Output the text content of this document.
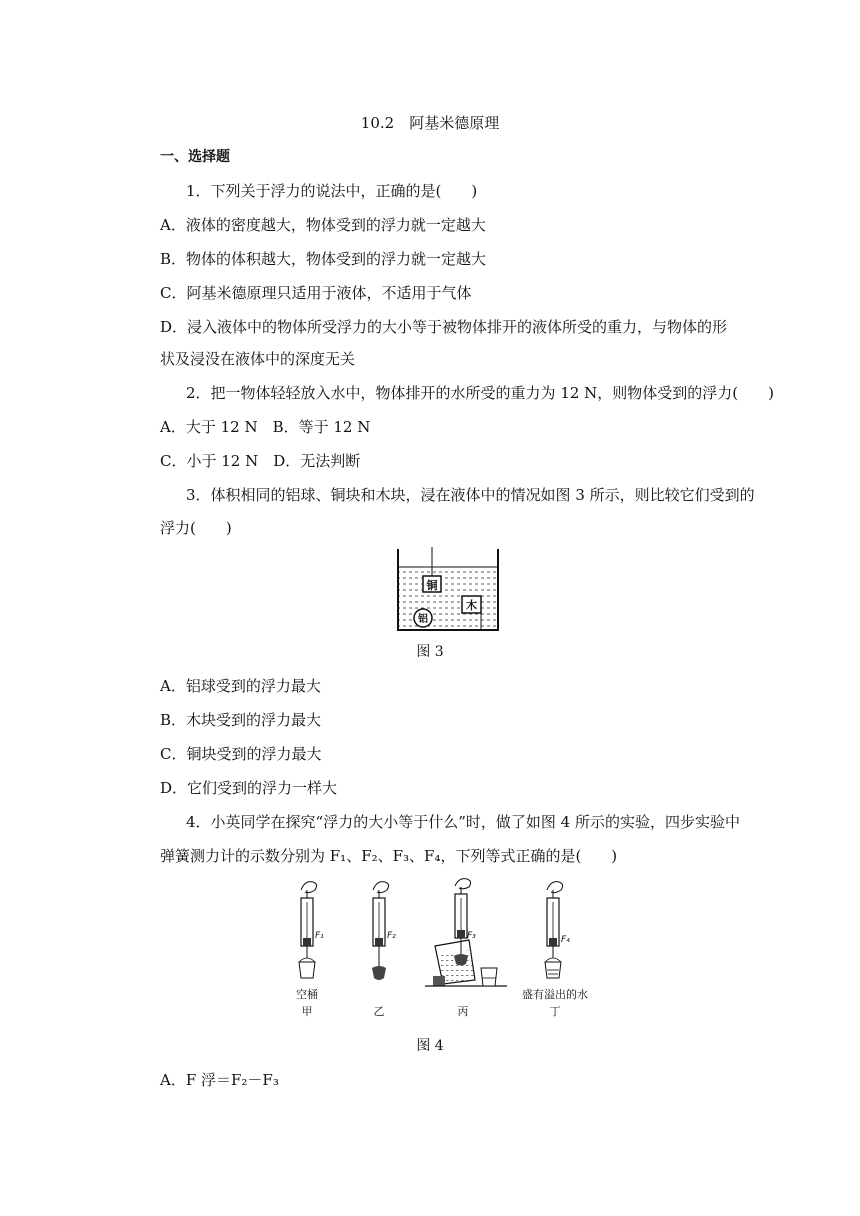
10.2　阿基米德原理
一、选择题
1．下列关于浮力的说法中，正确的是(　　)
A．液体的密度越大，物体受到的浮力就一定越大
B．物体的体积越大，物体受到的浮力就一定越大
C．阿基米德原理只适用于液体，不适用于气体
D．浸入液体中的物体所受浮力的大小等于被物体排开的液体所受的重力，与物体的形
状及浸没在液体中的深度无关
2．把一物体轻轻放入水中，物体排开的水所受的重力为 12 N，则物体受到的浮力(　　)
A．大于 12 N　B．等于 12 N
C．小于 12 N　D．无法判断
3．体积相同的铝球、铜块和木块，浸在液体中的情况如图 3 所示，则比较它们受到的
浮力(　　)
铜
木
铝
图 3
A．铝球受到的浮力最大
B．木块受到的浮力最大
C．铜块受到的浮力最大
D．它们受到的浮力一样大
4．小英同学在探究“浮力的大小等于什么”时，做了如图 4 所示的实验，四步实验中
弹簧测力计的示数分别为 F₁、F₂、F₃、F₄，下列等式正确的是(　　)
F₁
空桶
甲
F₂
乙
F₃
丙
F₄
盛有溢出的水
丁
图 4
A．F 浮＝F₂－F₃
